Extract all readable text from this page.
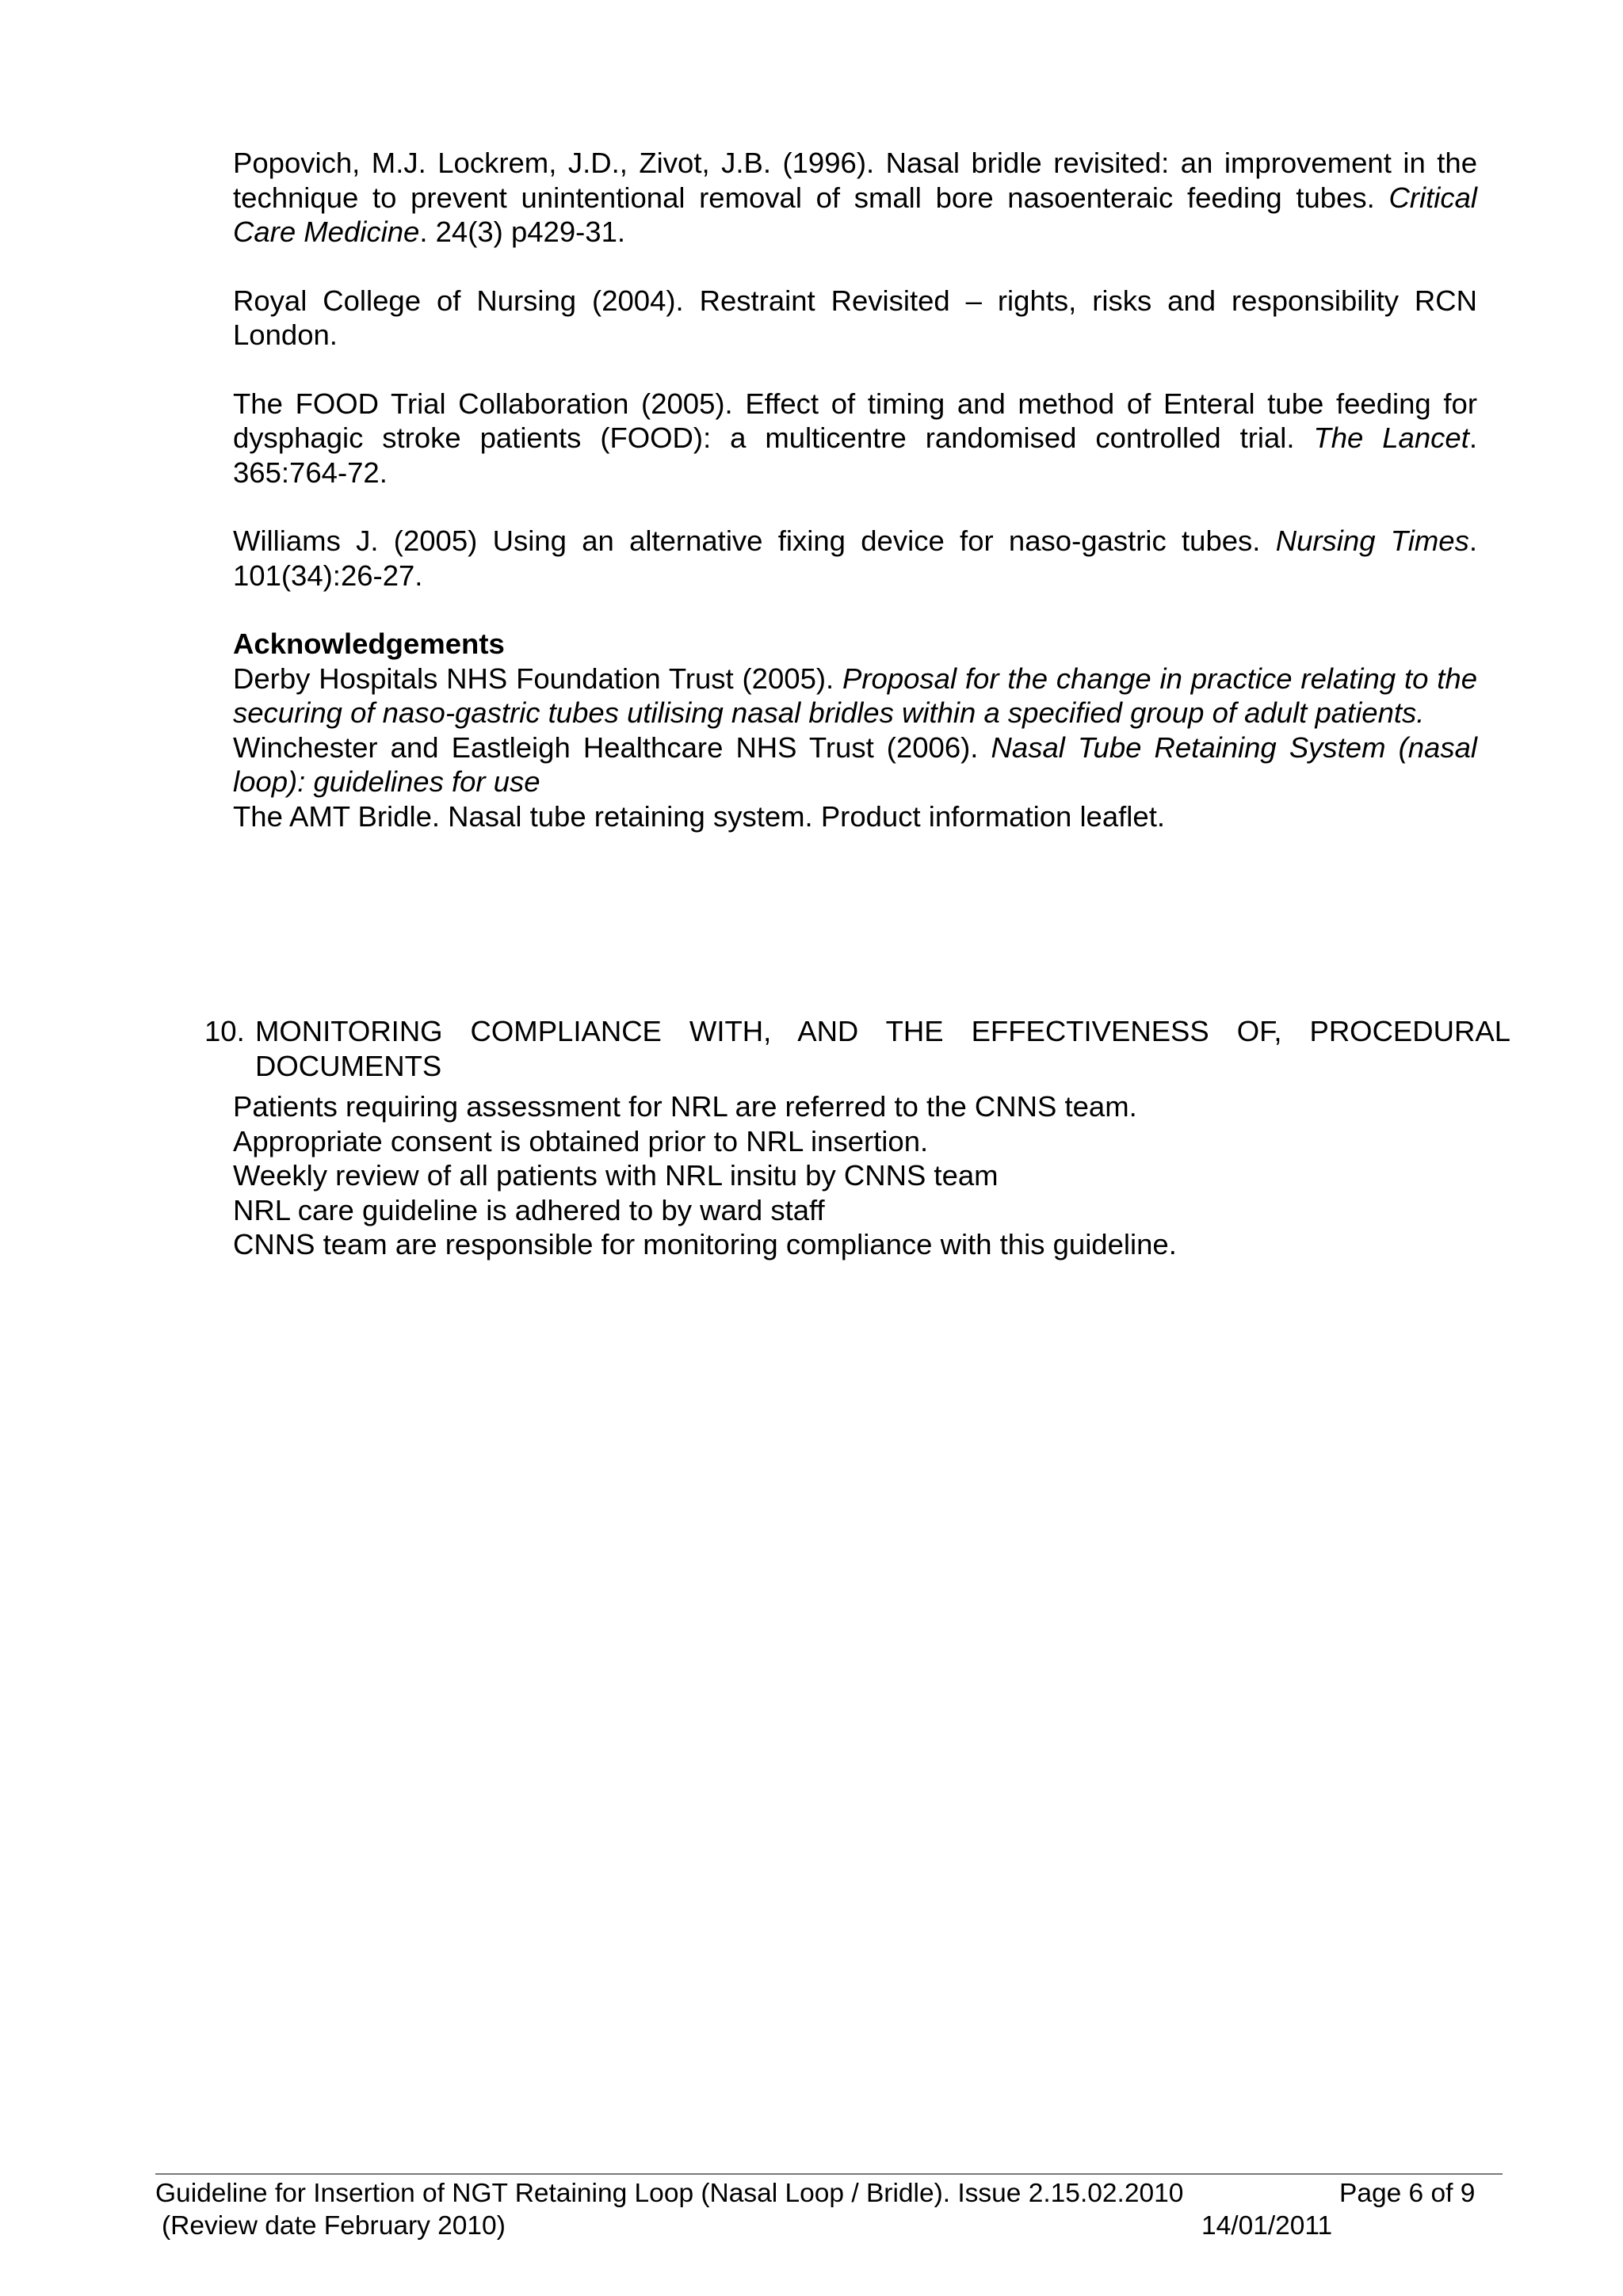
Popovich, M.J. Lockrem, J.D., Zivot, J.B. (1996). Nasal bridle revisited: an improvement in the technique to prevent unintentional removal of small bore nasoenteraic feeding tubes. Critical Care Medicine. 24(3) p429-31.

Royal College of Nursing (2004). Restraint Revisited – rights, risks and responsibility RCN London.

The FOOD Trial Collaboration (2005). Effect of timing and method of Enteral tube feeding for dysphagic stroke patients (FOOD): a multicentre randomised controlled trial. The Lancet. 365:764-72.

Williams J. (2005) Using an alternative fixing device for naso-gastric tubes. Nursing Times. 101(34):26-27.

Acknowledgements

Derby Hospitals NHS Foundation Trust (2005). Proposal for the change in practice relating to the securing of naso-gastric tubes utilising nasal bridles within a specified group of adult patients.

Winchester and Eastleigh Healthcare NHS Trust (2006). Nasal Tube Retaining System (nasal loop): guidelines for use

The AMT Bridle. Nasal tube retaining system. Product information leaflet.

10. MONITORING COMPLIANCE WITH, AND THE EFFECTIVENESS OF, PROCEDURAL DOCUMENTS
Patients requiring assessment for NRL are referred to the CNNS team.
Appropriate consent is obtained prior to NRL insertion.
Weekly review of all patients with NRL insitu by CNNS team
NRL care guideline is adhered to by ward staff
CNNS team are responsible for monitoring compliance with this guideline.
Guideline for Insertion of NGT Retaining Loop (Nasal Loop / Bridle). Issue 2.15.02.2010	Page 6 of 9
(Review date February 2010)	14/01/2011
